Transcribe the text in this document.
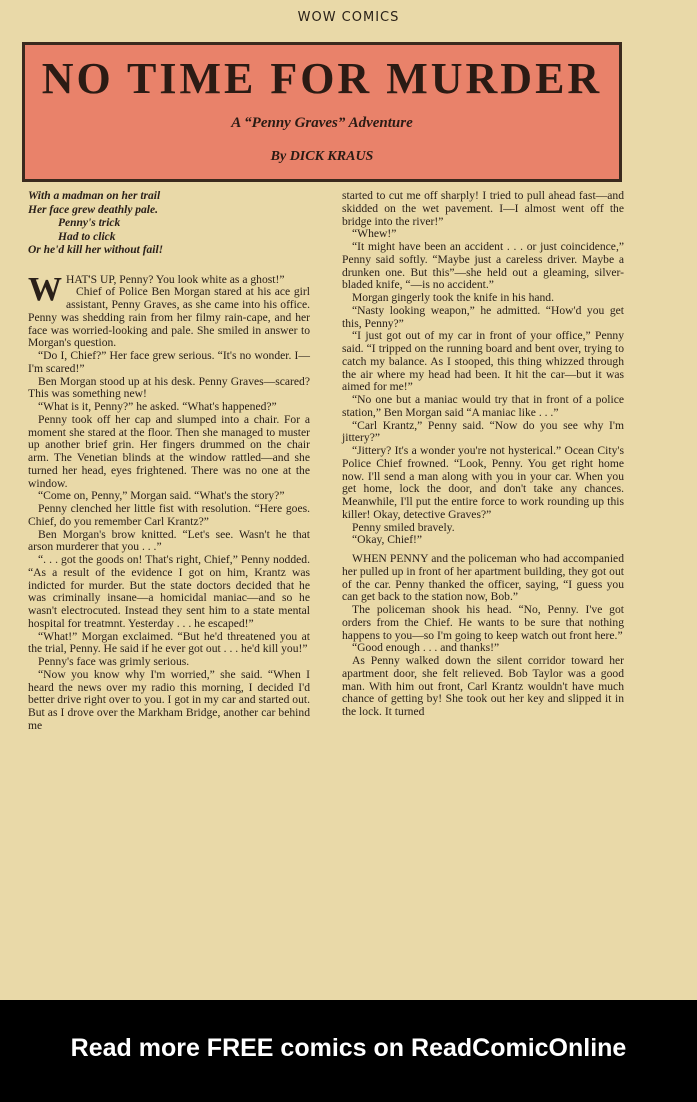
WOW COMICS
NO TIME FOR MURDER
A “Penny Graves” Adventure
By DICK KRAUS
With a madman on her trail
Her face grew deathly pale.
Penny's trick
Had to click
Or he'd kill her without fail!

WHAT'S UP, Penny? You look white as a ghost!”

Chief of Police Ben Morgan stared at his ace girl assistant, Penny Graves, as she came into his office. Penny was shedding rain from her filmy rain-cape, and her face was worried-looking and pale. She smiled in answer to Morgan's question.

“Do I, Chief?” Her face grew serious. “It's no wonder. I—I'm scared!”

Ben Morgan stood up at his desk. Penny Graves—scared? This was something new!

“What is it, Penny?” he asked. “What's happened?”

Penny took off her cap and slumped into a chair. For a moment she stared at the floor. Then she managed to muster up another brief grin. Her fingers drummed on the chair arm. The Venetian blinds at the window rattled—and she turned her head, eyes frightened. There was no one at the window.

“Come on, Penny,” Morgan said. “What's the story?”

Penny clenched her little fist with resolution. “Here goes. Chief, do you remember Carl Krantz?”

Ben Morgan's brow knitted. “Let's see. Wasn't he that arson murderer that you . . .”

“. . . got the goods on! That's right, Chief,” Penny nodded. “As a result of the evidence I got on him, Krantz was indicted for murder. But the state doctors decided that he was criminally insane—a homicidal maniac—and so he wasn't electrocuted. Instead they sent him to a state mental hospital for treatmnt. Yesterday . . . he escaped!”

“What!” Morgan exclaimed. “But he'd threatened you at the trial, Penny. He said if he ever got out . . . he'd kill you!”

Penny's face was grimly serious.

“Now you know why I'm worried,” she said. “When I heard the news over my radio this morning, I decided I'd better drive right over to you. I got in my car and started out. But as I drove over the Markham Bridge, another car behind me

started to cut me off sharply! I tried to pull ahead fast—and skidded on the wet pavement. I—I almost went off the bridge into the river!”

“Whew!”

“It might have been an accident . . . or just coincidence,” Penny said softly. “Maybe just a careless driver. Maybe a drunken one. But this”—she held out a gleaming, silver-bladed knife, “—is no accident.”

Morgan gingerly took the knife in his hand.

“Nasty looking weapon,” he admitted. “How'd you get this, Penny?”

“I just got out of my car in front of your office,” Penny said. “I tripped on the running board and bent over, trying to catch my balance. As I stooped, this thing whizzed through the air where my head had been. It hit the car—but it was aimed for me!”

“No one but a maniac would try that in front of a police station,” Ben Morgan said “A maniac like . . .”

“Carl Krantz,” Penny said. “Now do you see why I'm jittery?”

“Jittery? It's a wonder you're not hysterical.” Ocean City's Police Chief frowned. “Look, Penny. You get right home now. I'll send a man along with you in your car. When you get home, lock the door, and don't take any chances. Meanwhile, I'll put the entire force to work rounding up this killer! Okay, detective Graves?”

Penny smiled bravely.

“Okay, Chief!”

WHEN PENNY and the policeman who had accompanied her pulled up in front of her apartment building, they got out of the car. Penny thanked the officer, saying, “I guess you can get back to the station now, Bob.”

The policeman shook his head. “No, Penny. I've got orders from the Chief. He wants to be sure that nothing happens to you—so I'm going to keep watch out front here.”

“Good enough . . . and thanks!”

As Penny walked down the silent corridor toward her apartment door, she felt relieved. Bob Taylor was a good man. With him out front, Carl Krantz wouldn't have much chance of getting by! She took out her key and slipped it in the lock. It turned

Read more FREE comics on ReadComicOnline
